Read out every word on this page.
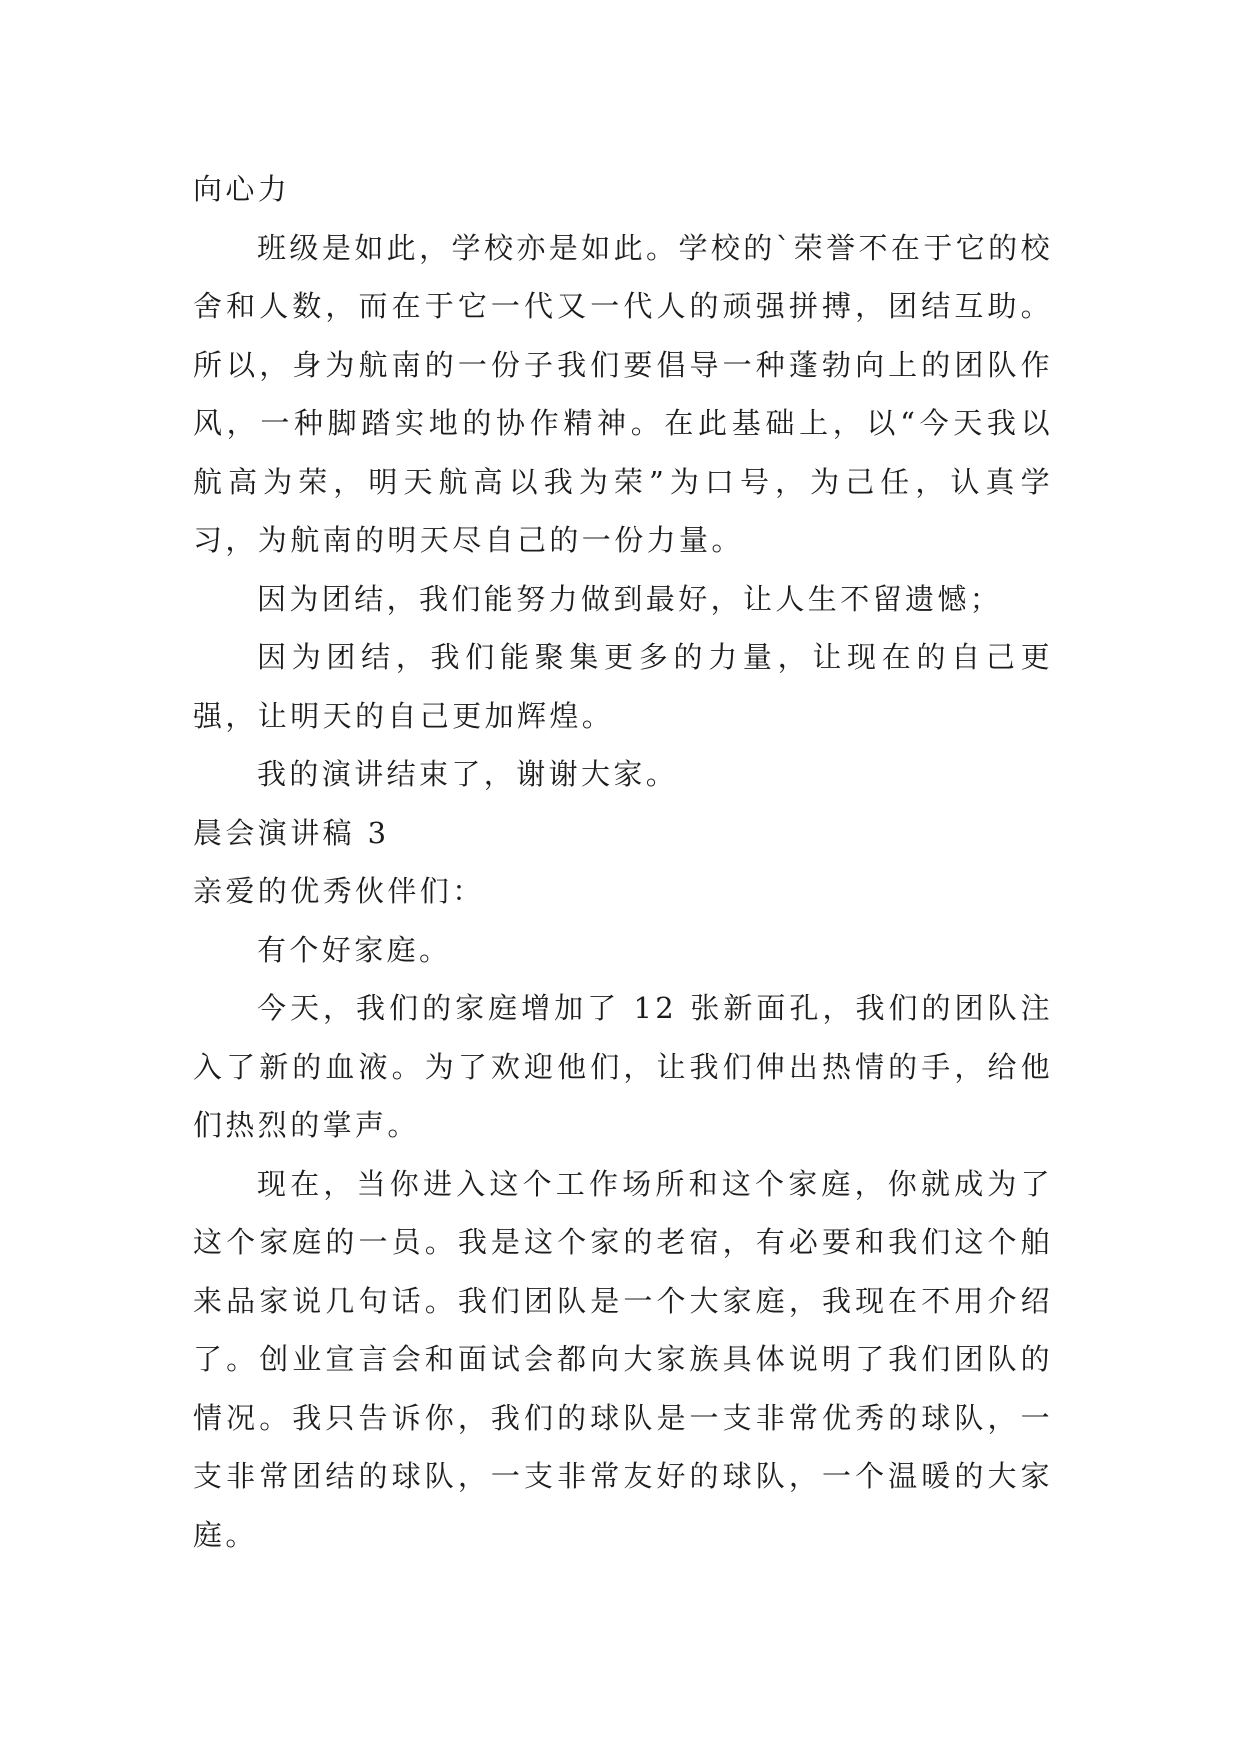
向心力

班级是如此，学校亦是如此。学校的`荣誉不在于它的校舍和人数，而在于它一代又一代人的顽强拼搏，团结互助。所以，身为航南的一份子我们要倡导一种蓬勃向上的团队作风，一种脚踏实地的协作精神。在此基础上，以“今天我以航高为荣，明天航高以我为荣”为口号，为己任，认真学习，为航南的明天尽自己的一份力量。

因为团结，我们能努力做到最好，让人生不留遗憾；

因为团结，我们能聚集更多的力量，让现在的自己更强，让明天的自己更加辉煌。

我的演讲结束了，谢谢大家。

晨会演讲稿 3

亲爱的优秀伙伴们：

有个好家庭。

今天，我们的家庭增加了 12 张新面孔，我们的团队注入了新的血液。为了欢迎他们，让我们伸出热情的手，给他们热烈的掌声。

现在，当你进入这个工作场所和这个家庭，你就成为了这个家庭的一员。我是这个家的老宿，有必要和我们这个舶来品家说几句话。我们团队是一个大家庭，我现在不用介绍了。创业宣言会和面试会都向大家族具体说明了我们团队的情况。我只告诉你，我们的球队是一支非常优秀的球队，一支非常团结的球队，一支非常友好的球队，一个温暖的大家庭。
